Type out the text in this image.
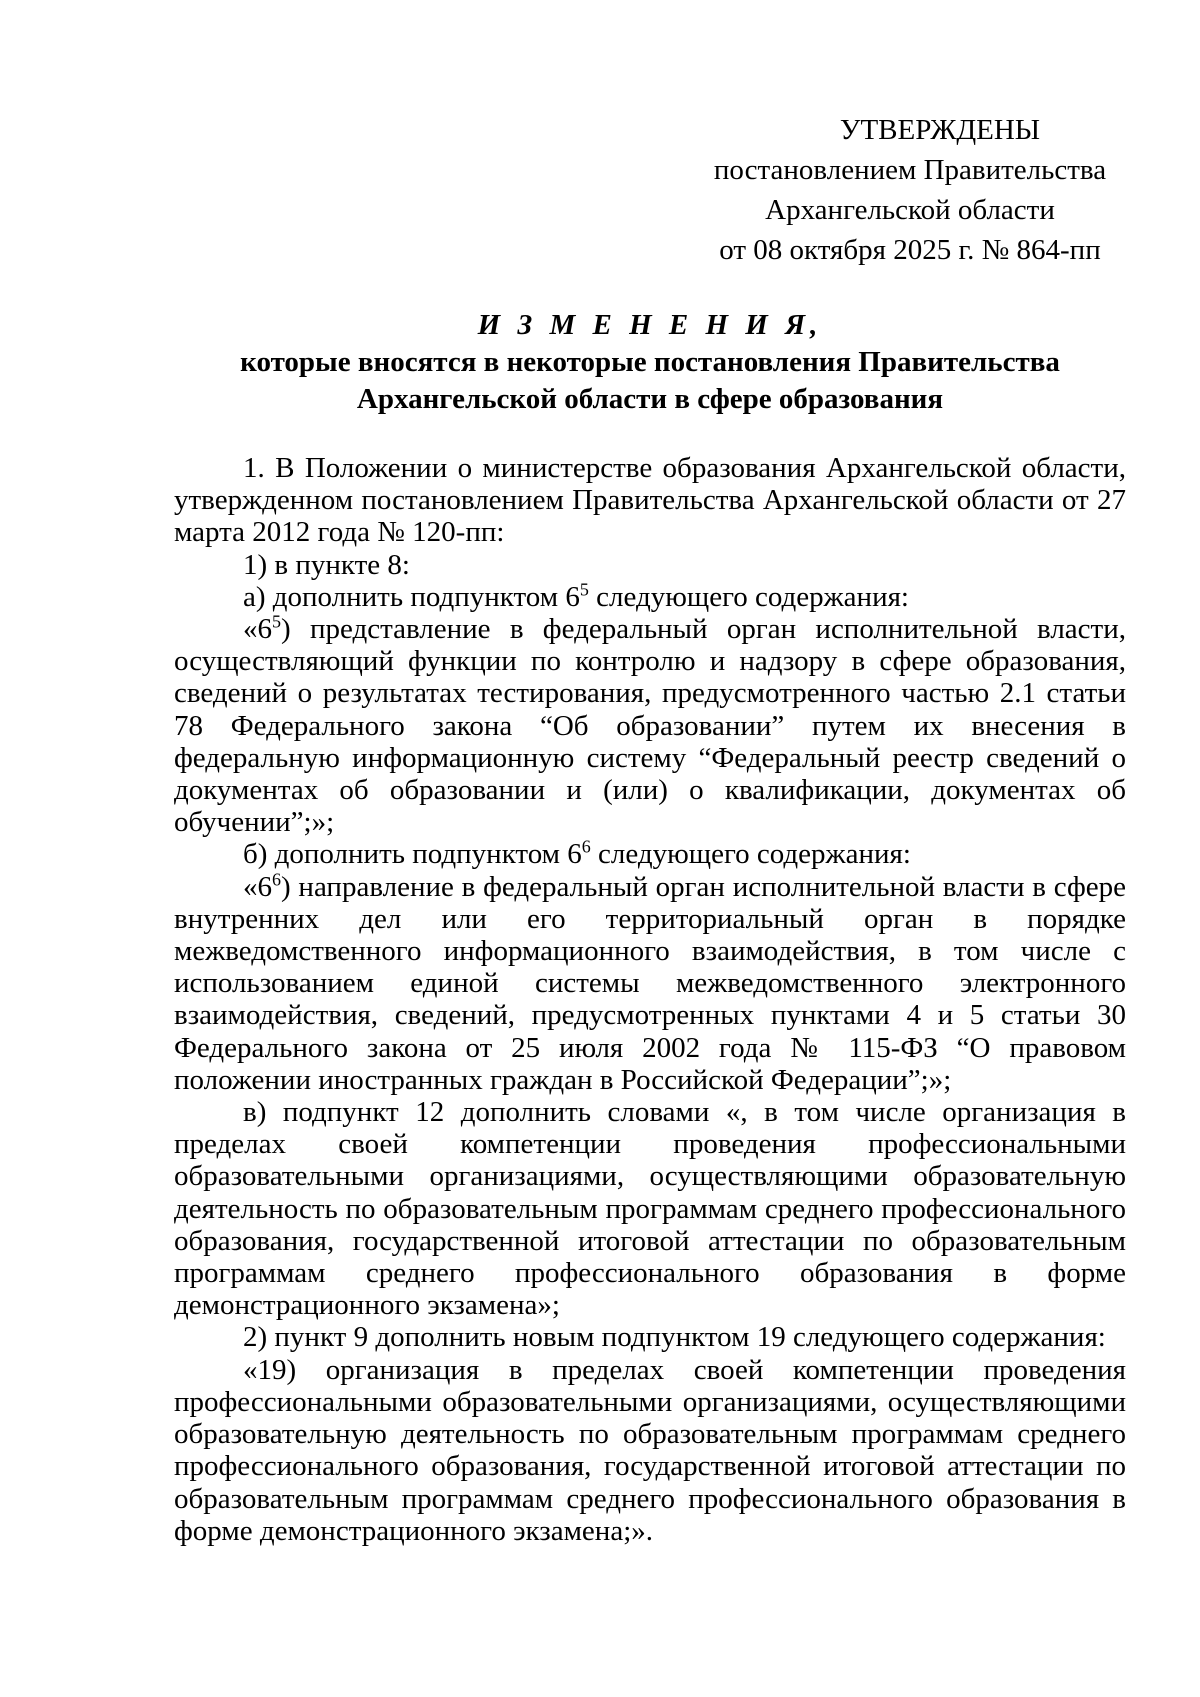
УТВЕРЖДЕНЫ
постановлением Правительства
Архангельской области
от 08 октября 2025 г. № 864-пп
И З М Е Н Е Н И Я,
которые вносятся в некоторые постановления Правительства
Архангельской области в сфере образования

1. В Положении о министерстве образования Архангельской области, утвержденном постановлением Правительства Архангельской области от 27 марта 2012 года № 120-пп:

1) в пункте 8:

а) дополнить подпунктом $6^5$ следующего содержания:

«$6^5$) представление в федеральный орган исполнительной власти, осуществляющий функции по контролю и надзору в сфере образования, сведений о результатах тестирования, предусмотренного частью 2.1 статьи 78 Федерального закона “Об образовании” путем их внесения в федеральную информационную систему “Федеральный реестр сведений о документах об образовании и (или) о квалификации, документах об обучении”;»;

б) дополнить подпунктом $6^6$ следующего содержания:

«$6^6$) направление в федеральный орган исполнительной власти в сфере внутренних дел или его территориальный орган в порядке межведомственного информационного взаимодействия, в том числе с использованием единой системы межведомственного электронного взаимодействия, сведений, предусмотренных пунктами 4 и 5 статьи 30 Федерального закона от 25 июля 2002 года № 115-ФЗ “О правовом положении иностранных граждан в Российской Федерации”;»;

в) подпункт 12 дополнить словами «, в том числе организация в пределах своей компетенции проведения профессиональными образовательными организациями, осуществляющими образовательную деятельность по образовательным программам среднего профессионального образования, государственной итоговой аттестации по образовательным программам среднего профессионального образования в форме демонстрационного экзамена»;

2) пункт 9 дополнить новым подпунктом 19 следующего содержания:

«19) организация в пределах своей компетенции проведения профессиональными образовательными организациями, осуществляющими образовательную деятельность по образовательным программам среднего профессионального образования, государственной итоговой аттестации по образовательным программам среднего профессионального образования в форме демонстрационного экзамена;».
